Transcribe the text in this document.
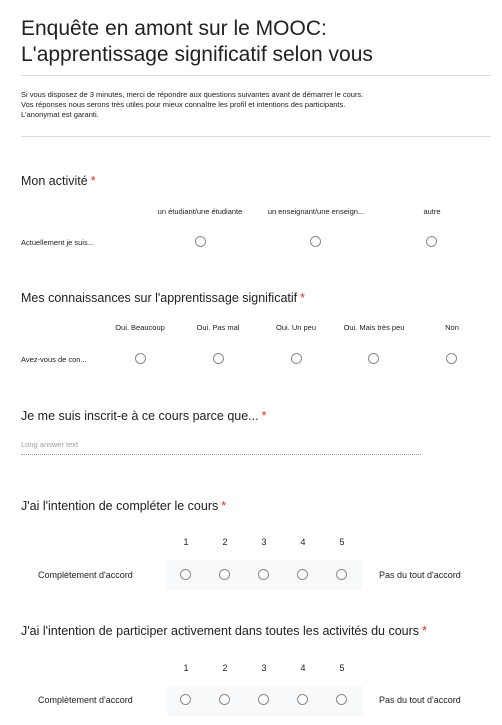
Enquête en amont sur le MOOC:
L'apprentissage significatif selon vous
Si vous disposez de 3 minutes, merci de répondre aux questions suivantes avant de démarrer le cours.
Vos réponses nous serons très utiles pour mieux connaître les profil et intentions des participants.
L'anonymat est garanti.
Mon activité *
un étudiant/une étudiante	un enseignant/une enseign...	autre
Actuellement je suis...
Mes connaissances sur l'apprentissage significatif *
Oui. Beaucoup	Oui. Pas mal	Oui. Un peu	Oui. Mais très peu	Non
Avez-vous de con...
Je me suis inscrit-e à ce cours parce que... *
Long answer text
J'ai l'intention de compléter le cours *
1	2	3	4	5
Complètement d'accord	Pas du tout d'accord
J'ai l'intention de participer activement dans toutes les activités du cours *
1	2	3	4	5
Complètement d'accord	Pas du tout d'accord
